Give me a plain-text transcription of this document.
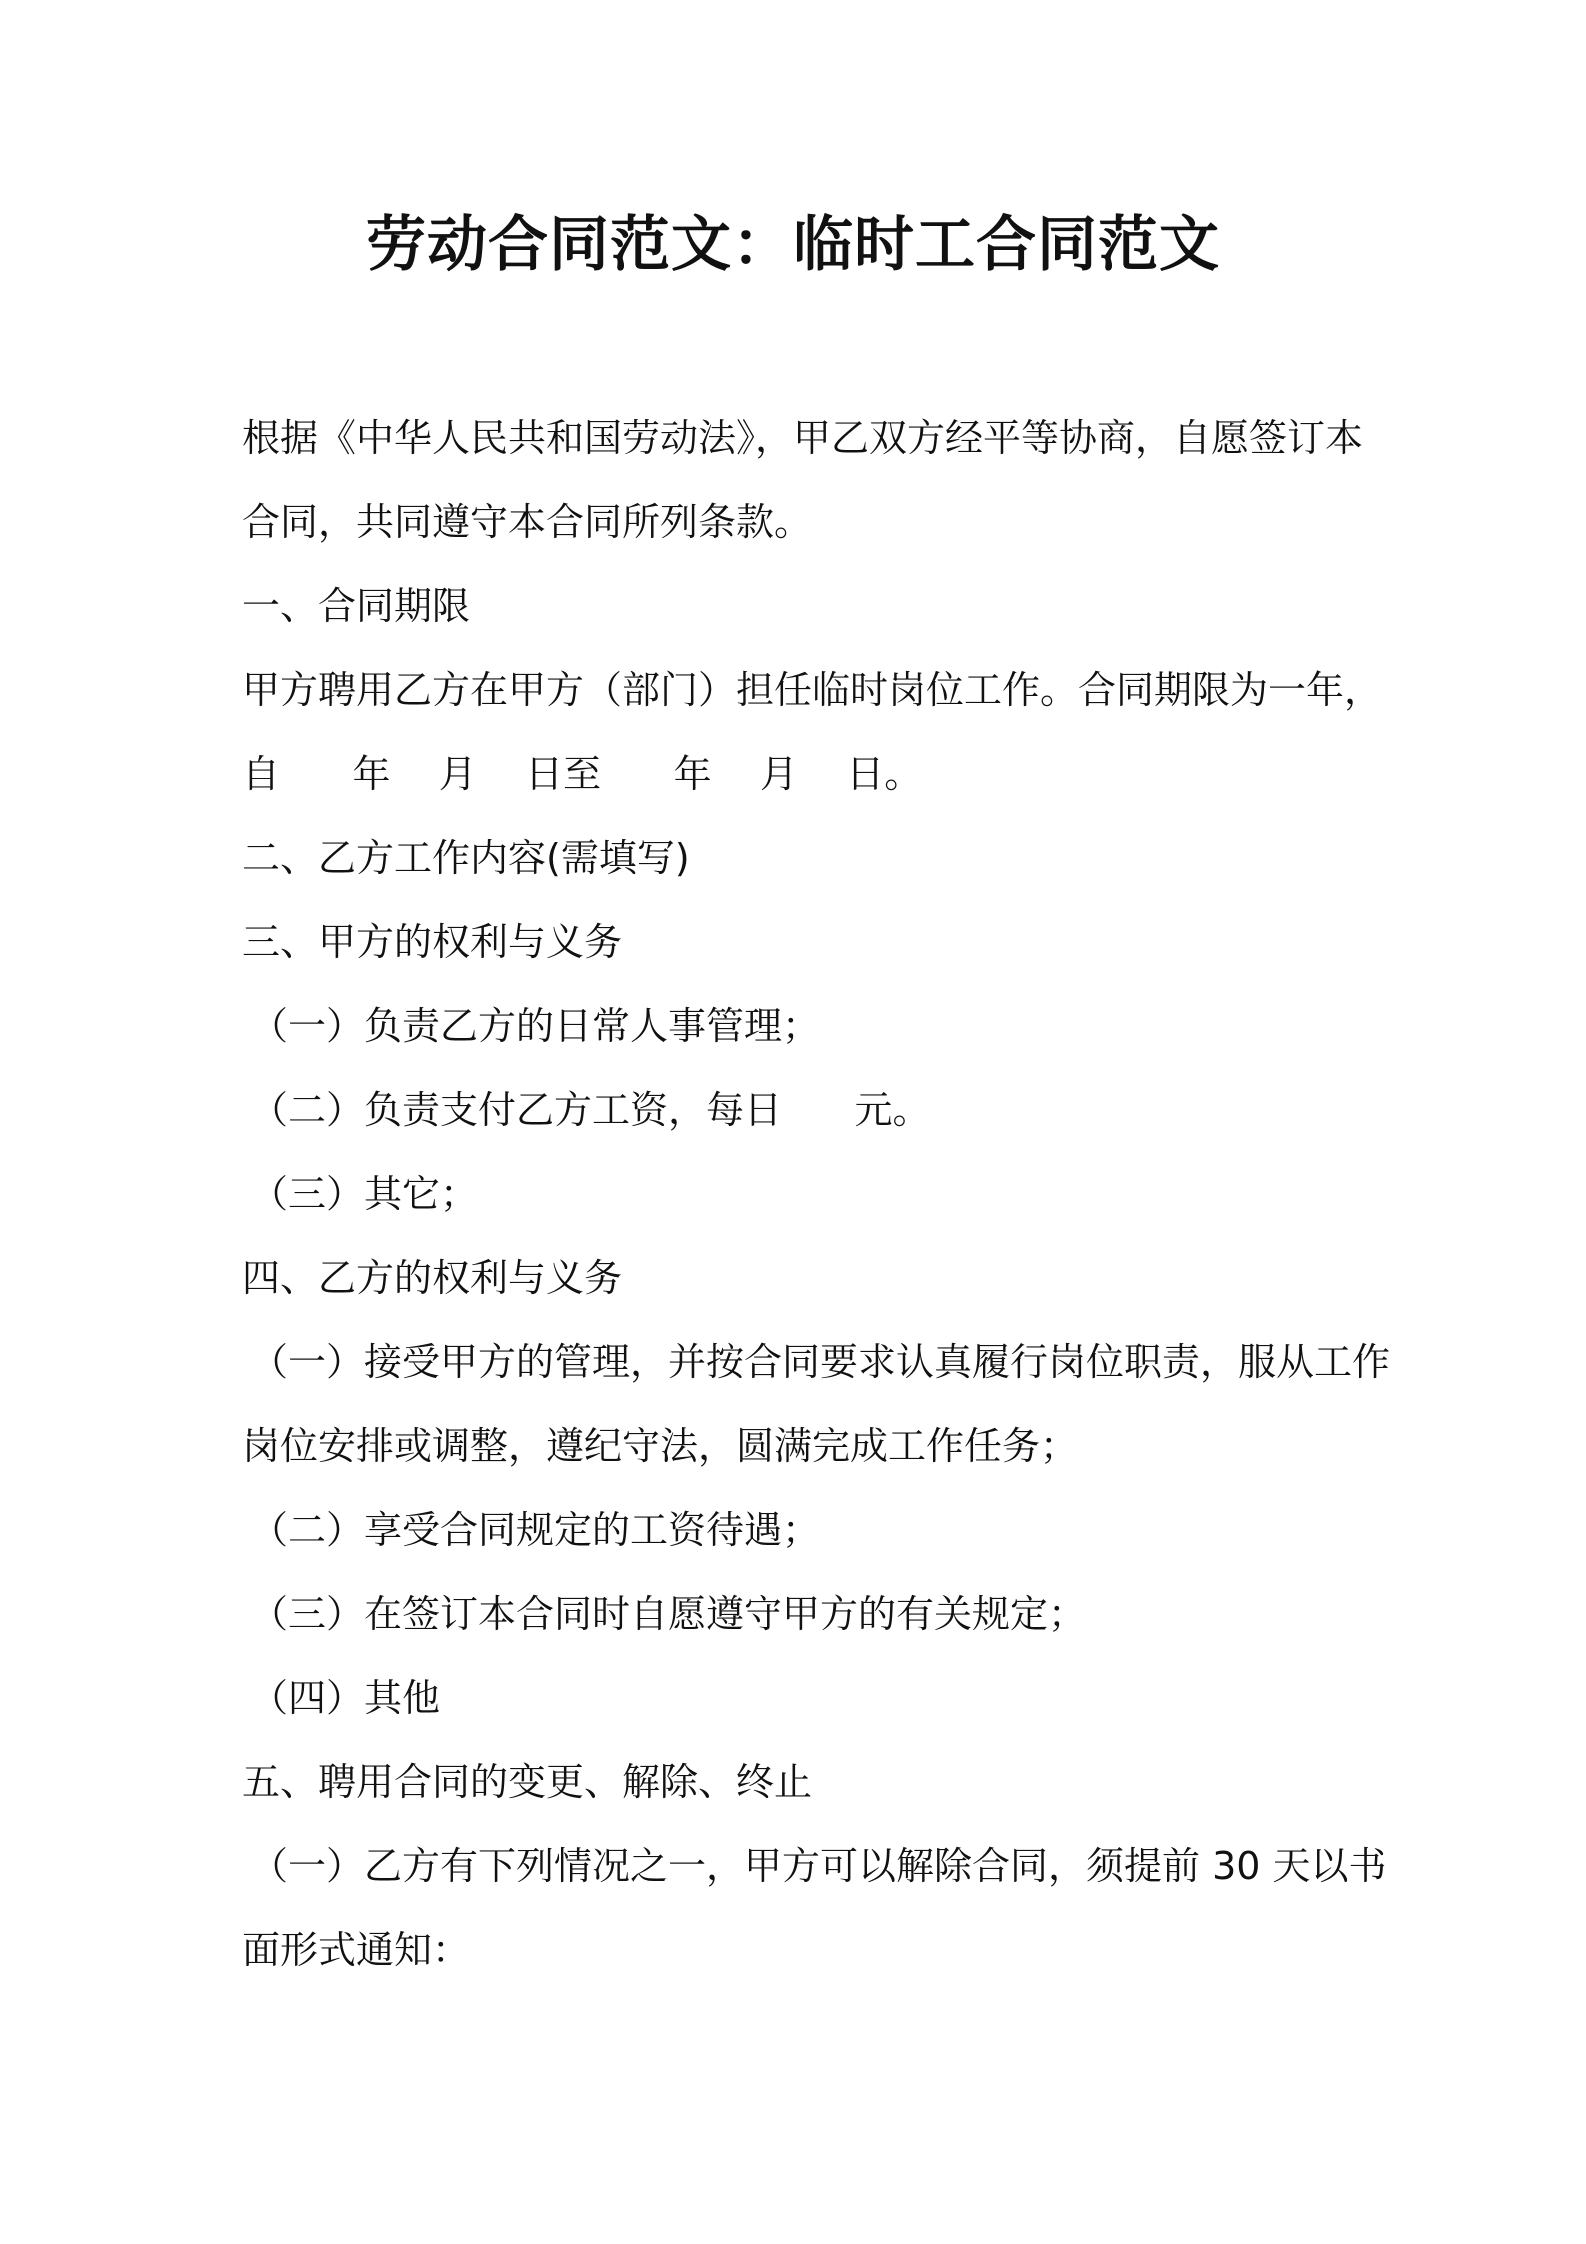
劳动合同范文：临时工合同范文

根据《中华人民共和国劳动法》，甲乙双方经平等协商，自愿签订本

合同，共同遵守本合同所列条款。

一、合同期限

甲方聘用乙方在甲方（部门）担任临时岗位工作。合同期限为一年，

自      年    月    日至      年    月    日。

二、乙方工作内容(需填写)

三、甲方的权利与义务

（一）负责乙方的日常人事管理；

（二）负责支付乙方工资，每日      元。

（三）其它；

四、乙方的权利与义务

（一）接受甲方的管理，并按合同要求认真履行岗位职责，服从工作

岗位安排或调整，遵纪守法，圆满完成工作任务；

（二）享受合同规定的工资待遇；

（三）在签订本合同时自愿遵守甲方的有关规定；

（四）其他

五、聘用合同的变更、解除、终止

（一）乙方有下列情况之一，甲方可以解除合同，须提前 30 天以书

面形式通知：
